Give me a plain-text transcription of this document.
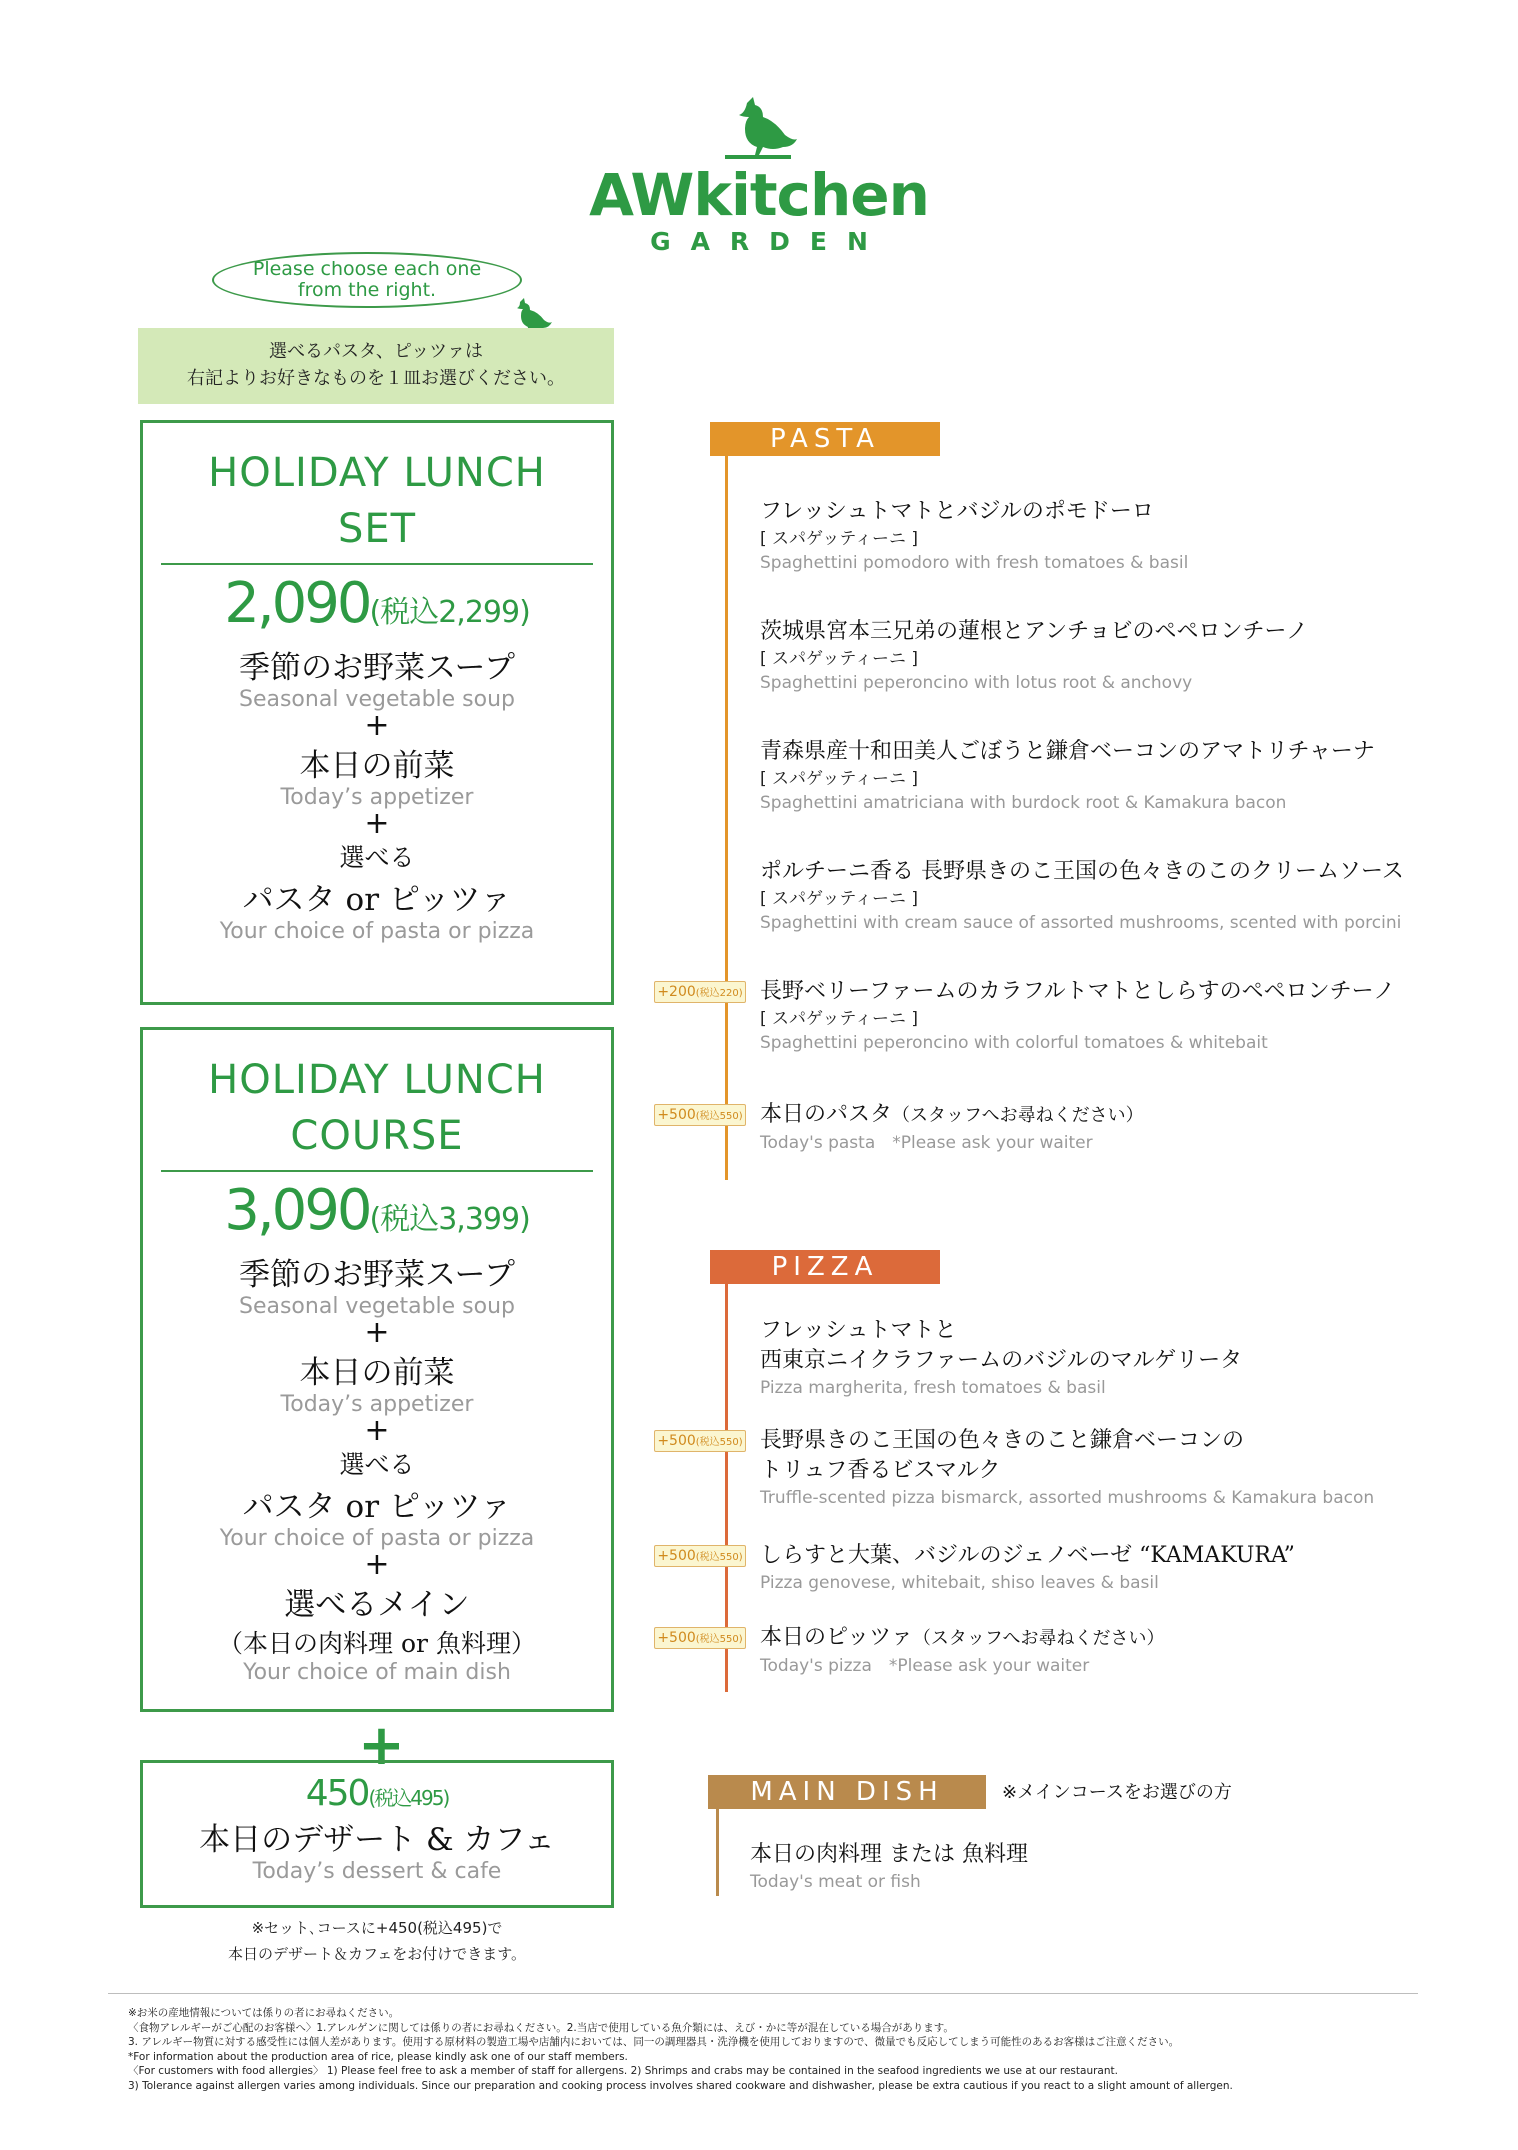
AWkitchen
GARDEN
Please choose each one
from the right.
選べるパスタ、ピッツァは
右記よりお好きなものを１皿お選びください。
HOLIDAY LUNCH
SET
2,090(税込2,299)
季節のお野菜スープ
Seasonal vegetable soup
+
本日の前菜
Today’s appetizer
+
選べる
パスタ or ピッツァ
Your choice of pasta or pizza
HOLIDAY LUNCH
COURSE
3,090(税込3,399)
季節のお野菜スープ
Seasonal vegetable soup
+
本日の前菜
Today’s appetizer
+
選べる
パスタ or ピッツァ
Your choice of pasta or pizza
+
選べるメイン
（本日の肉料理 or 魚料理）
Your choice of main dish
+
450(税込495)
本日のデザート & カフェ
Today’s dessert & cafe
※セット､コースに+450(税込495)で
本日のデザート＆カフェをお付けできます。
PASTA
フレッシュトマトとバジルのポモドーロ
[ スパゲッティーニ ]
Spaghettini pomodoro with fresh tomatoes & basil
茨城県宮本三兄弟の蓮根とアンチョビのペペロンチーノ
[ スパゲッティーニ ]
Spaghettini peperoncino with lotus root & anchovy
青森県産十和田美人ごぼうと鎌倉ベーコンのアマトリチャーナ
[ スパゲッティーニ ]
Spaghettini amatriciana with burdock root & Kamakura bacon
ポルチーニ香る 長野県きのこ王国の色々きのこのクリームソース
[ スパゲッティーニ ]
Spaghettini with cream sauce of assorted mushrooms, scented with porcini
+200(税込220) 長野ベリーファームのカラフルトマトとしらすのペペロンチーノ
[ スパゲッティーニ ]
Spaghettini peperoncino with colorful tomatoes & whitebait
+500(税込550) 本日のパスタ（スタッフへお尋ねください）
Today's pasta　*Please ask your waiter
PIZZA
フレッシュトマトと
西東京ニイクラファームのバジルのマルゲリータ
Pizza margherita, fresh tomatoes & basil
+500(税込550) 長野県きのこ王国の色々きのこと鎌倉ベーコンの
トリュフ香るビスマルク
Truffle-scented pizza bismarck, assorted mushrooms & Kamakura bacon
+500(税込550) しらすと大葉、バジルのジェノベーゼ “KAMAKURA”
Pizza genovese, whitebait, shiso leaves & basil
+500(税込550) 本日のピッツァ（スタッフへお尋ねください）
Today's pizza　*Please ask your waiter
MAIN DISH	※メインコースをお選びの方
本日の肉料理 または 魚料理
Today's meat or fish
※お米の産地情報については係りの者にお尋ねください。
〈食物アレルギーがご心配のお客様へ〉1.アレルゲンに関しては係りの者にお尋ねください。2.当店で使用している魚介類には、えび・かに等が混在している場合があります。
3. アレルギー物質に対する感受性には個人差があります。使用する原材料の製造工場や店舗内においては、同一の調理器具・洗浄機を使用しておりますので、微量でも反応してしまう可能性のあるお客様はご注意ください。
*For information about the production area of rice, please kindly ask one of our staff members.
〈For customers with food allergies〉 1) Please feel free to ask a member of staff for allergens. 2) Shrimps and crabs may be contained in the seafood ingredients we use at our restaurant.
3) Tolerance against allergen varies among individuals. Since our preparation and cooking process involves shared cookware and dishwasher, please be extra cautious if you react to a slight amount of allergen.
